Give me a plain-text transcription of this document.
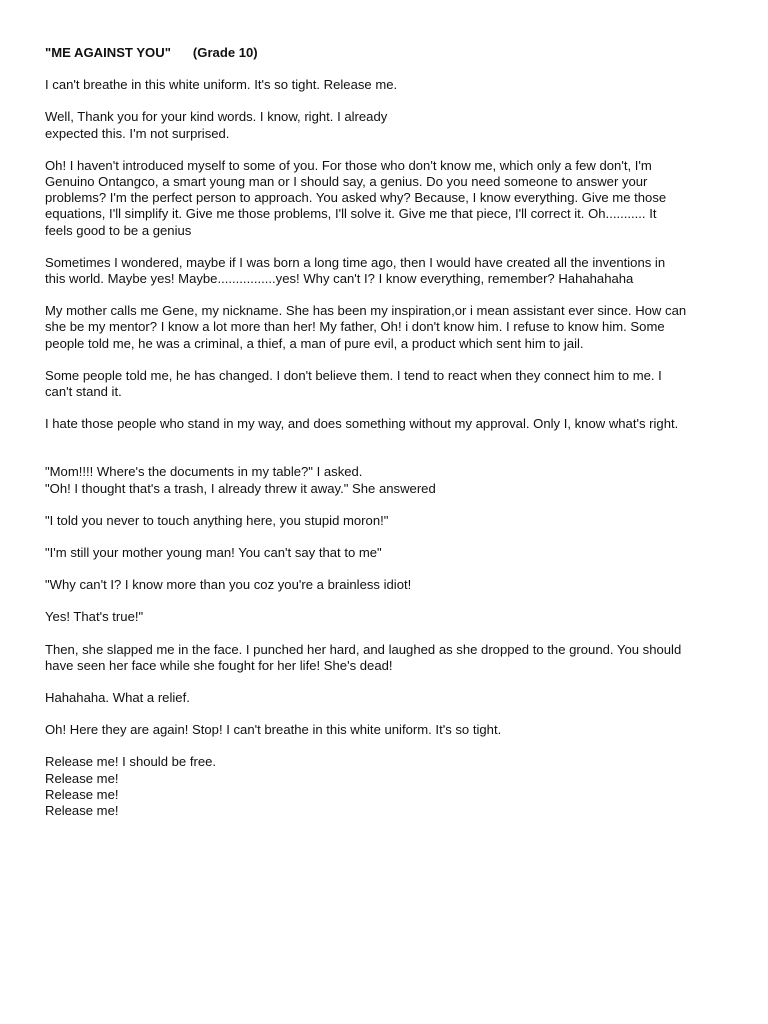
"ME AGAINST YOU" (Grade 10)

I can't breathe in this white uniform. It's so tight. Release me.

Well, Thank you for your kind words. I know, right. I already
expected this. I'm not surprised.

Oh! I haven't introduced myself to some of you. For those who don't know me, which only a few don't, I'm
Genuino Ontangco, a smart young man or I should say, a genius. Do you need someone to answer your
problems? I'm the perfect person to approach. You asked why? Because, I know everything. Give me those
equations, I'll simplify it. Give me those problems, I'll solve it. Give me that piece, I'll correct it. Oh........... It
feels good to be a genius

Sometimes I wondered, maybe if I was born a long time ago, then I would have created all the inventions in
this world. Maybe yes! Maybe................yes! Why can't I? I know everything, remember? Hahahahaha

My mother calls me Gene, my nickname. She has been my inspiration,or i mean assistant ever since. How can
she be my mentor? I know a lot more than her! My father, Oh! i don't know him. I refuse to know him. Some
people told me, he was a criminal, a thief, a man of pure evil, a product which sent him to jail.

Some people told me, he has changed. I don't believe them. I tend to react when they connect him to me. I
can't stand it.

I hate those people who stand in my way, and does something without my approval. Only I, know what's right.

"Mom!!!! Where's the documents in my table?" I asked.
"Oh! I thought that's a trash, I already threw it away." She answered

"I told you never to touch anything here, you stupid moron!"

"I'm still your mother young man! You can't say that to me"

"Why can't I? I know more than you coz you're a brainless idiot!

Yes! That's true!"

Then, she slapped me in the face. I punched her hard, and laughed as she dropped to the ground. You should
have seen her face while she fought for her life! She's dead!

Hahahaha. What a relief.

Oh! Here they are again! Stop! I can't breathe in this white uniform. It's so tight.

Release me! I should be free.
Release me!
Release me!
Release me!
